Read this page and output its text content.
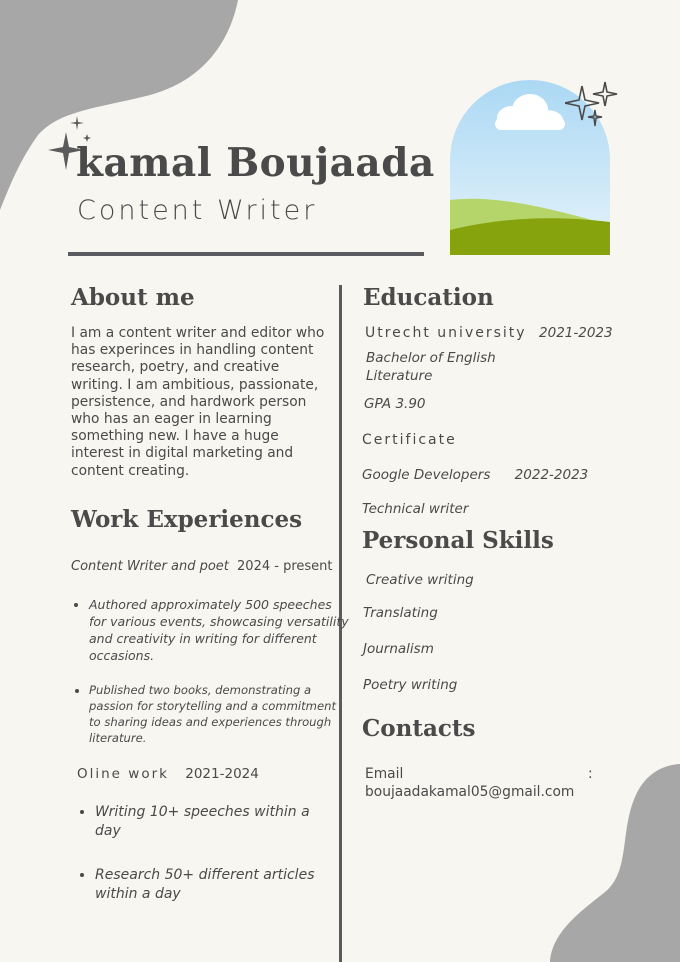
kamal Boujaada
Content Writer
About me
I am a content writer and editor who has experinces in handling content research, poetry, and creative writing. I am ambitious, passionate, persistence, and hardwork person who has an eager in learning something new. I have a huge interest in digital marketing and content creating.
Work Experiences
Content Writer and poet 2024 - present
• Authored approximately 500 speeches for various events, showcasing versatility and creativity in writing for different occasions.
• Published two books, demonstrating a passion for storytelling and a commitment to sharing ideas and experiences through literature.
Oline work 2021-2024
• Writing 10+ speeches within a day
• Research 50+ different articles within a day
Education
Utrecht university 2021-2023
Bachelor of English Literature
GPA 3.90
Certificate
Google Developers 2022-2023
Technical writer
Personal Skills
Creative writing
Translating
Journalism
Poetry writing
Contacts
Email	:
boujaadakamal05@gmail.com
